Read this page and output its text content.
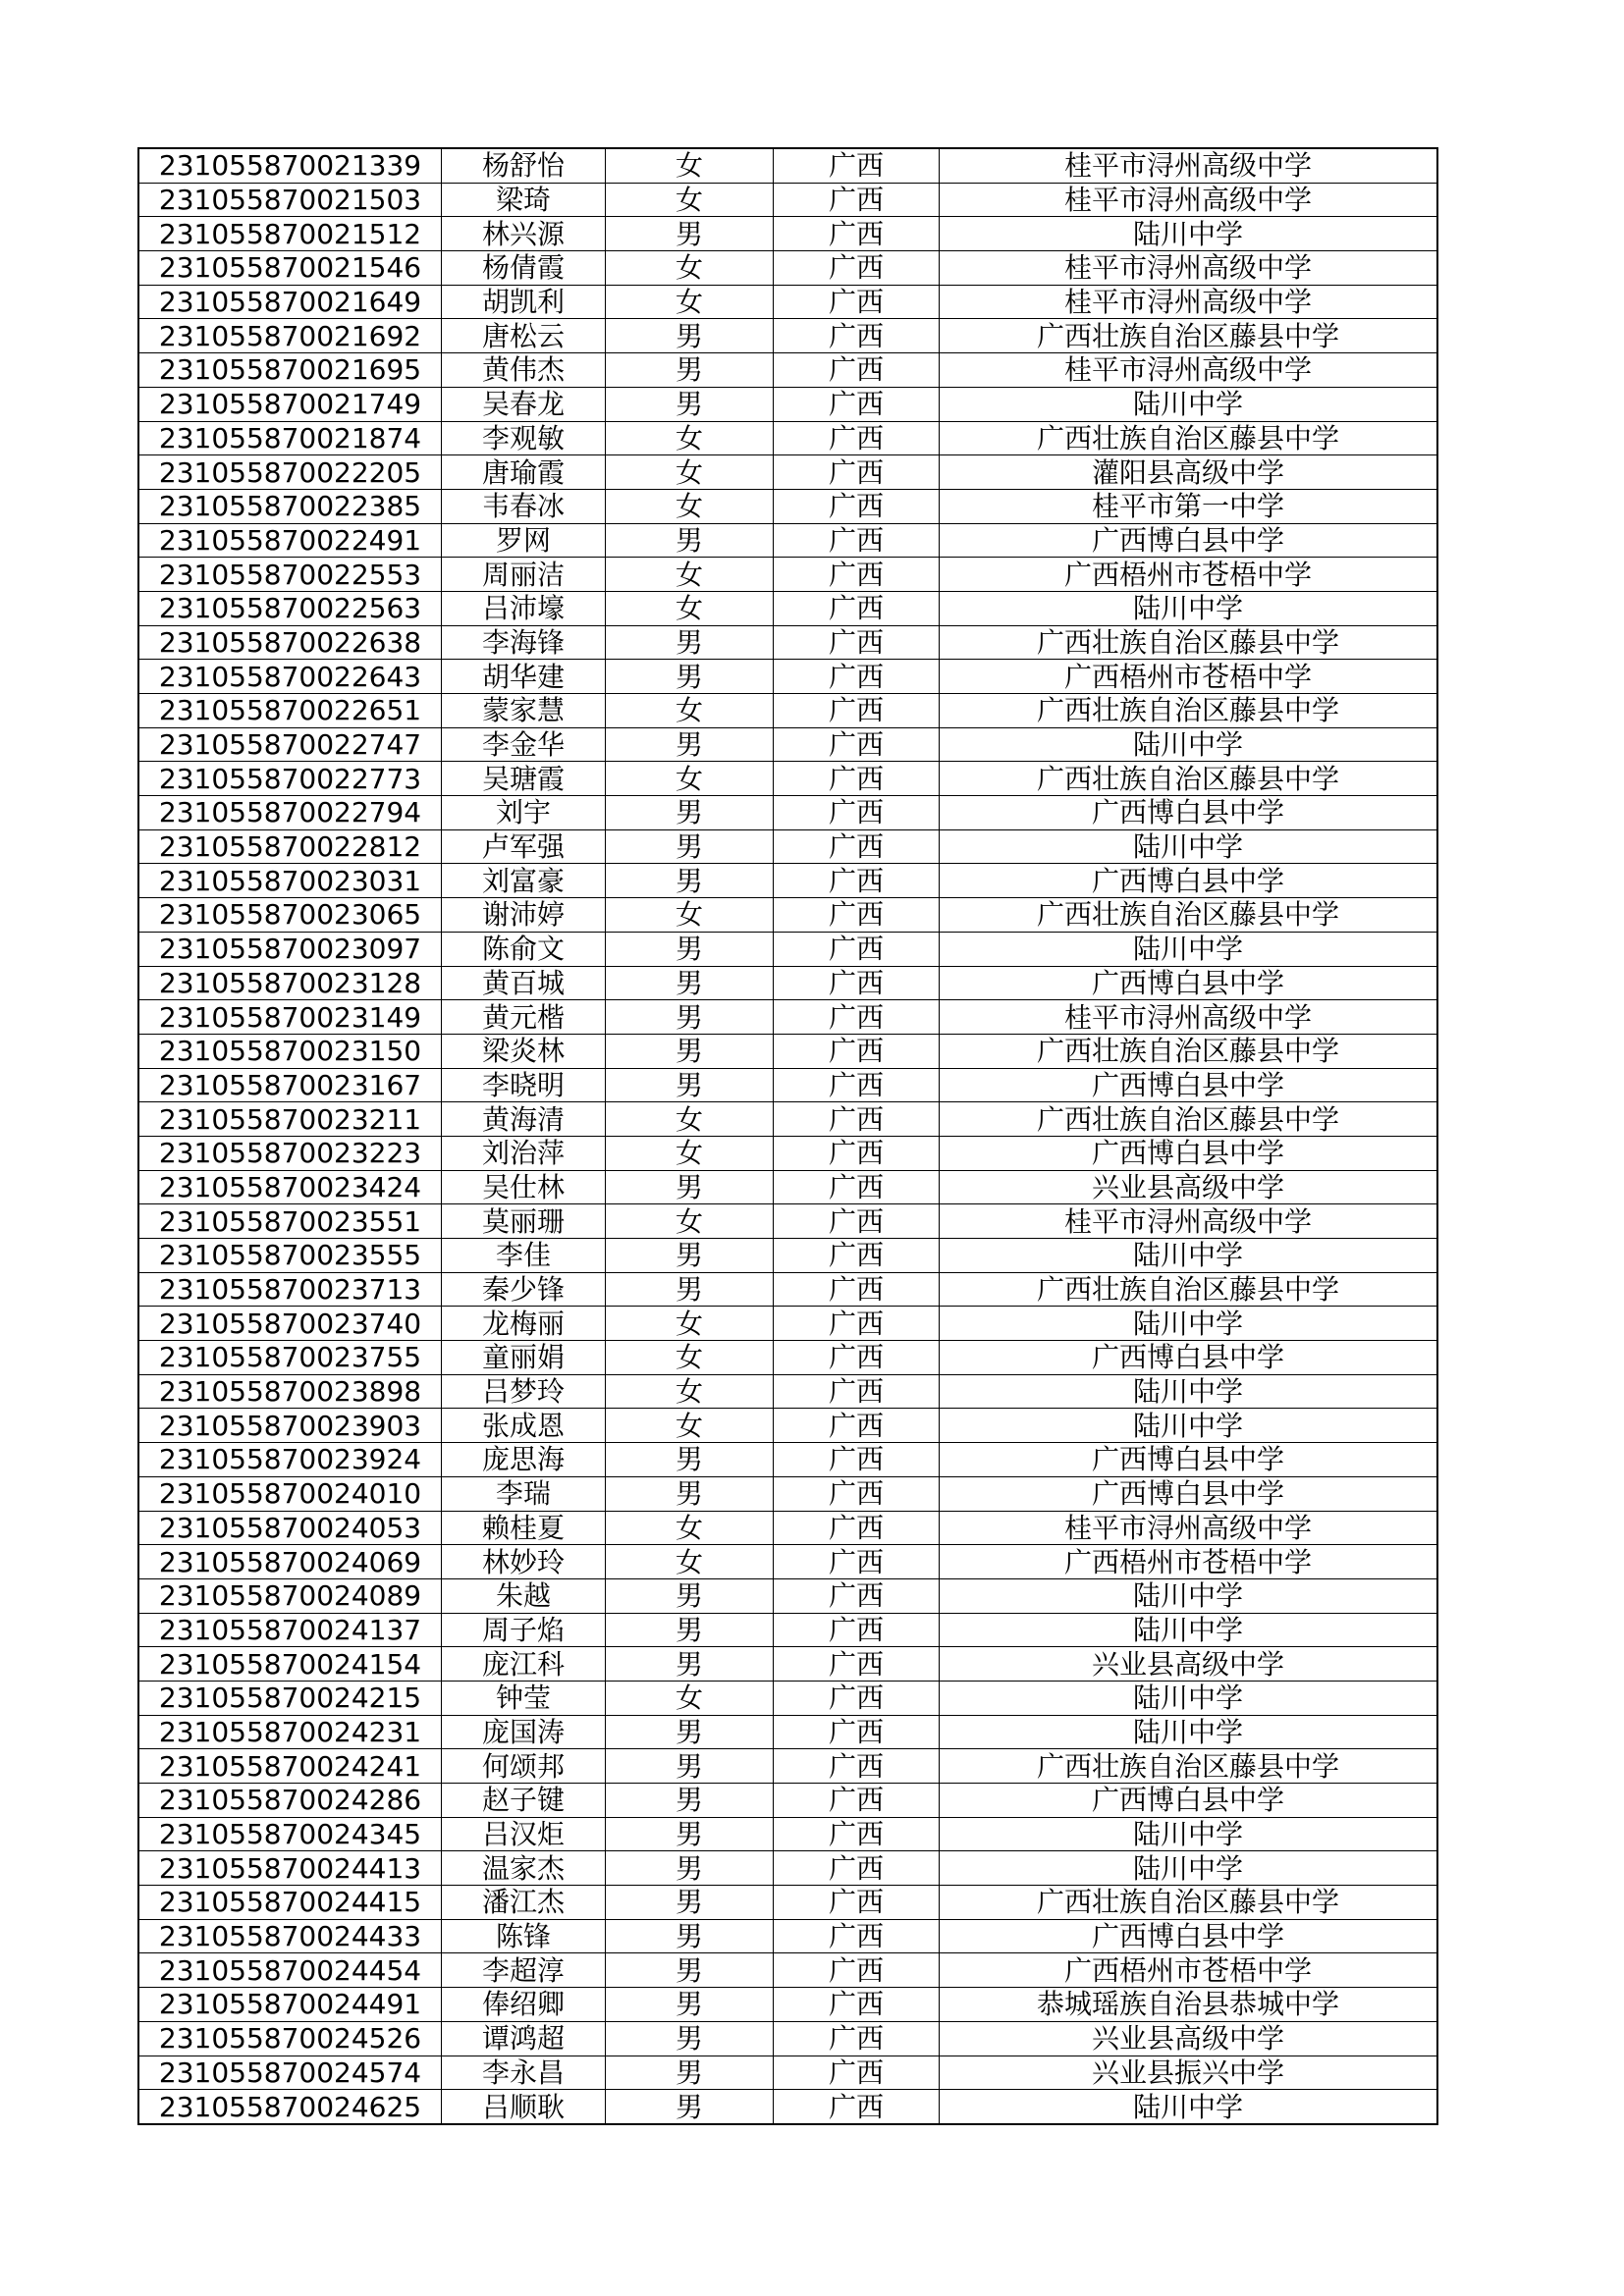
231055870021339	杨舒怡	女	广西	桂平市浔州高级中学
231055870021503	梁琦	女	广西	桂平市浔州高级中学
231055870021512	林兴源	男	广西	陆川中学
231055870021546	杨倩霞	女	广西	桂平市浔州高级中学
231055870021649	胡凯利	女	广西	桂平市浔州高级中学
231055870021692	唐松云	男	广西	广西壮族自治区藤县中学
231055870021695	黄伟杰	男	广西	桂平市浔州高级中学
231055870021749	吴春龙	男	广西	陆川中学
231055870021874	李观敏	女	广西	广西壮族自治区藤县中学
231055870022205	唐瑜霞	女	广西	灌阳县高级中学
231055870022385	韦春冰	女	广西	桂平市第一中学
231055870022491	罗网	男	广西	广西博白县中学
231055870022553	周丽洁	女	广西	广西梧州市苍梧中学
231055870022563	吕沛壕	女	广西	陆川中学
231055870022638	李海锋	男	广西	广西壮族自治区藤县中学
231055870022643	胡华建	男	广西	广西梧州市苍梧中学
231055870022651	蒙家慧	女	广西	广西壮族自治区藤县中学
231055870022747	李金华	男	广西	陆川中学
231055870022773	吴瑭霞	女	广西	广西壮族自治区藤县中学
231055870022794	刘宇	男	广西	广西博白县中学
231055870022812	卢军强	男	广西	陆川中学
231055870023031	刘富豪	男	广西	广西博白县中学
231055870023065	谢沛婷	女	广西	广西壮族自治区藤县中学
231055870023097	陈俞文	男	广西	陆川中学
231055870023128	黄百城	男	广西	广西博白县中学
231055870023149	黄元楷	男	广西	桂平市浔州高级中学
231055870023150	梁炎林	男	广西	广西壮族自治区藤县中学
231055870023167	李晓明	男	广西	广西博白县中学
231055870023211	黄海清	女	广西	广西壮族自治区藤县中学
231055870023223	刘治萍	女	广西	广西博白县中学
231055870023424	吴仕林	男	广西	兴业县高级中学
231055870023551	莫丽珊	女	广西	桂平市浔州高级中学
231055870023555	李佳	男	广西	陆川中学
231055870023713	秦少锋	男	广西	广西壮族自治区藤县中学
231055870023740	龙梅丽	女	广西	陆川中学
231055870023755	童丽娟	女	广西	广西博白县中学
231055870023898	吕梦玲	女	广西	陆川中学
231055870023903	张成恩	女	广西	陆川中学
231055870023924	庞思海	男	广西	广西博白县中学
231055870024010	李瑞	男	广西	广西博白县中学
231055870024053	赖桂夏	女	广西	桂平市浔州高级中学
231055870024069	林妙玲	女	广西	广西梧州市苍梧中学
231055870024089	朱越	男	广西	陆川中学
231055870024137	周子焰	男	广西	陆川中学
231055870024154	庞江科	男	广西	兴业县高级中学
231055870024215	钟莹	女	广西	陆川中学
231055870024231	庞国涛	男	广西	陆川中学
231055870024241	何颂邦	男	广西	广西壮族自治区藤县中学
231055870024286	赵子键	男	广西	广西博白县中学
231055870024345	吕汉炬	男	广西	陆川中学
231055870024413	温家杰	男	广西	陆川中学
231055870024415	潘江杰	男	广西	广西壮族自治区藤县中学
231055870024433	陈锋	男	广西	广西博白县中学
231055870024454	李超淳	男	广西	广西梧州市苍梧中学
231055870024491	俸绍卿	男	广西	恭城瑶族自治县恭城中学
231055870024526	谭鸿超	男	广西	兴业县高级中学
231055870024574	李永昌	男	广西	兴业县振兴中学
231055870024625	吕顺耿	男	广西	陆川中学
